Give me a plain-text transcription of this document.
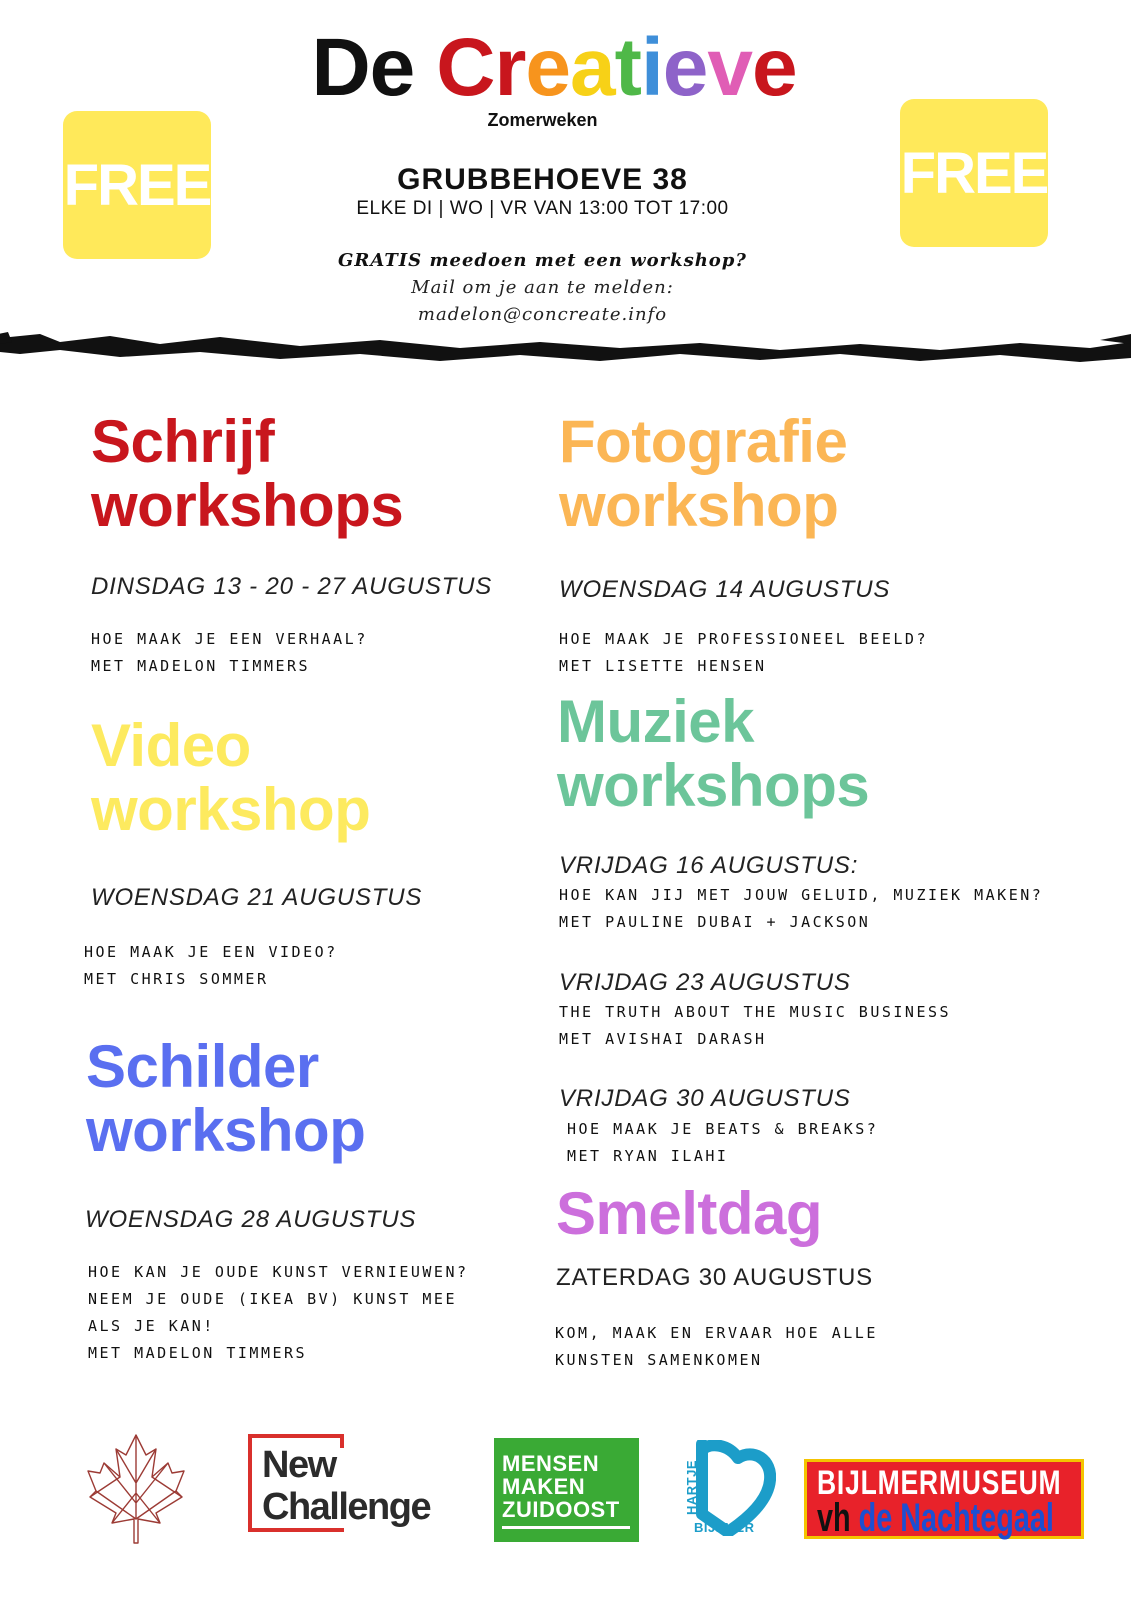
DeCreatieve
Zomerweken
FREE	FREE
GRUBBEHOEVE 38
ELKE DI | WO | VR VAN 13:00 TOT 17:00
GRATIS meedoen met een workshop?
Mail om je aan te melden:
madelon@concreate.info
Schrijf
workshops
DINSDAG 13 - 20 - 27 AUGUSTUS
HOE MAAK JE EEN VERHAAL?
MET MADELON TIMMERS
Video
workshop
WOENSDAG 21 AUGUSTUS
HOE MAAK JE EEN VIDEO?
MET CHRIS SOMMER
Schilder
workshop
WOENSDAG 28 AUGUSTUS
HOE KAN JE OUDE KUNST VERNIEUWEN?
NEEM JE OUDE (IKEA BV) KUNST MEE
ALS JE KAN!
MET MADELON TIMMERS
Fotografie
workshop
WOENSDAG 14 AUGUSTUS
HOE MAAK JE PROFESSIONEEL BEELD?
MET LISETTE HENSEN
Muziek
workshops
VRIJDAG 16 AUGUSTUS:
HOE KAN JIJ MET JOUW GELUID, MUZIEK MAKEN?
MET PAULINE DUBAI + JACKSON
VRIJDAG 23 AUGUSTUS
THE TRUTH ABOUT THE MUSIC BUSINESS
MET AVISHAI DARASH
VRIJDAG 30 AUGUSTUS
HOE MAAK JE BEATS & BREAKS?
MET RYAN ILAHI
Smeltdag
ZATERDAG 30 AUGUSTUS
KOM, MAAK EN ERVAAR HOE ALLE
KUNSTEN SAMENKOMEN
New
Challenge
MENSEN
MAKEN
ZUIDOOST	HARTJE
BIJLMER
BIJLMERMUSEUM
vh de Nachtegaal
